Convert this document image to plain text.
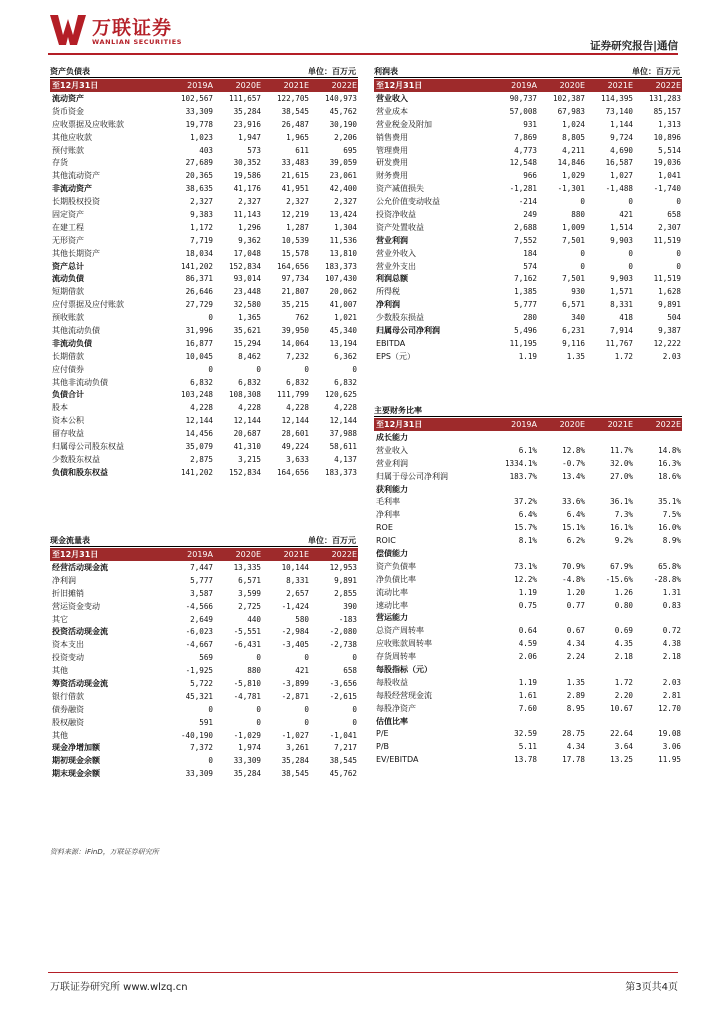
万联证券
WANLIAN SECURITIES	证券研究报告|通信
资产负债表	单位：百万元
至12月31日	2019A	2020E	2021E	2022E
流动资产	102,567	111,657	122,705	140,973
货币资金	33,309	35,284	38,545	45,762
应收票据及应收账款	19,778	23,916	26,487	30,190
其他应收款	1,023	1,947	1,965	2,206
预付账款	403	573	611	695
存货	27,689	30,352	33,483	39,059
其他流动资产	20,365	19,586	21,615	23,061
非流动资产	38,635	41,176	41,951	42,400
长期股权投资	2,327	2,327	2,327	2,327
固定资产	9,383	11,143	12,219	13,424
在建工程	1,172	1,296	1,287	1,304
无形资产	7,719	9,362	10,539	11,536
其他长期资产	18,034	17,048	15,578	13,810
资产总计	141,202	152,834	164,656	183,373
流动负债	86,371	93,014	97,734	107,430
短期借款	26,646	23,448	21,807	20,062
应付票据及应付账款	27,729	32,580	35,215	41,007
预收账款	0	1,365	762	1,021
其他流动负债	31,996	35,621	39,950	45,340
非流动负债	16,877	15,294	14,064	13,194
长期借款	10,045	8,462	7,232	6,362
应付债券	0	0	0	0
其他非流动负债	6,832	6,832	6,832	6,832
负债合计	103,248	108,308	111,799	120,625
股本	4,228	4,228	4,228	4,228
资本公积	12,144	12,144	12,144	12,144
留存收益	14,456	20,687	28,601	37,988
归属母公司股东权益	35,079	41,310	49,224	58,611
少数股东权益	2,875	3,215	3,633	4,137
负债和股东权益	141,202	152,834	164,656	183,373
利润表	单位：百万元
至12月31日	2019A	2020E	2021E	2022E
营业收入	90,737	102,387	114,395	131,283
营业成本	57,008	67,983	73,140	85,157
营业税金及附加	931	1,024	1,144	1,313
销售费用	7,869	8,805	9,724	10,896
管理费用	4,773	4,211	4,690	5,514
研发费用	12,548	14,846	16,587	19,036
财务费用	966	1,029	1,027	1,041
资产减值损失	-1,281	-1,301	-1,488	-1,740
公允价值变动收益	-214	0	0	0
投资净收益	249	880	421	658
资产处置收益	2,688	1,009	1,514	2,307
营业利润	7,552	7,501	9,903	11,519
营业外收入	184	0	0	0
营业外支出	574	0	0	0
利润总额	7,162	7,501	9,903	11,519
所得税	1,385	930	1,571	1,628
净利润	5,777	6,571	8,331	9,891
少数股东损益	280	340	418	504
归属母公司净利润	5,496	6,231	7,914	9,387
EBITDA	11,195	9,116	11,767	12,222
EPS（元）	1.19	1.35	1.72	2.03
主要财务比率
至12月31日	2019A	2020E	2021E	2022E
成长能力
营业收入	6.1%	12.8%	11.7%	14.8%
营业利润	1334.1%	-0.7%	32.0%	16.3%
归属于母公司净利润	183.7%	13.4%	27.0%	18.6%
获利能力
毛利率	37.2%	33.6%	36.1%	35.1%
净利率	6.4%	6.4%	7.3%	7.5%
ROE	15.7%	15.1%	16.1%	16.0%
ROIC	8.1%	6.2%	9.2%	8.9%
偿债能力
资产负债率	73.1%	70.9%	67.9%	65.8%
净负债比率	12.2%	-4.8%	-15.6%	-28.8%
流动比率	1.19	1.20	1.26	1.31
速动比率	0.75	0.77	0.80	0.83
营运能力
总资产周转率	0.64	0.67	0.69	0.72
应收账款周转率	4.59	4.34	4.35	4.38
存货周转率	2.06	2.24	2.18	2.18
每股指标（元）
每股收益	1.19	1.35	1.72	2.03
每股经营现金流	1.61	2.89	2.20	2.81
每股净资产	7.60	8.95	10.67	12.70
估值比率
P/E	32.59	28.75	22.64	19.08
P/B	5.11	4.34	3.64	3.06
EV/EBITDA	13.78	17.78	13.25	11.95
现金流量表	单位：百万元
至12月31日	2019A	2020E	2021E	2022E
经营活动现金流	7,447	13,335	10,144	12,953
净利润	5,777	6,571	8,331	9,891
折旧摊销	3,587	3,599	2,657	2,855
营运资金变动	-4,566	2,725	-1,424	390
其它	2,649	440	580	-183
投资活动现金流	-6,023	-5,551	-2,984	-2,080
资本支出	-4,667	-6,431	-3,405	-2,738
投资变动	569	0	0	0
其他	-1,925	880	421	658
筹资活动现金流	5,722	-5,810	-3,899	-3,656
银行借款	45,321	-4,781	-2,871	-2,615
债券融资	0	0	0	0
股权融资	591	0	0	0
其他	-40,190	-1,029	-1,027	-1,041
现金净增加额	7,372	1,974	3,261	7,217
期初现金余额	0	33,309	35,284	38,545
期末现金余额	33,309	35,284	38,545	45,762
资料来源：iFinD，万联证券研究所
万联证券研究所 www.wlzq.cn	第3页共4页
